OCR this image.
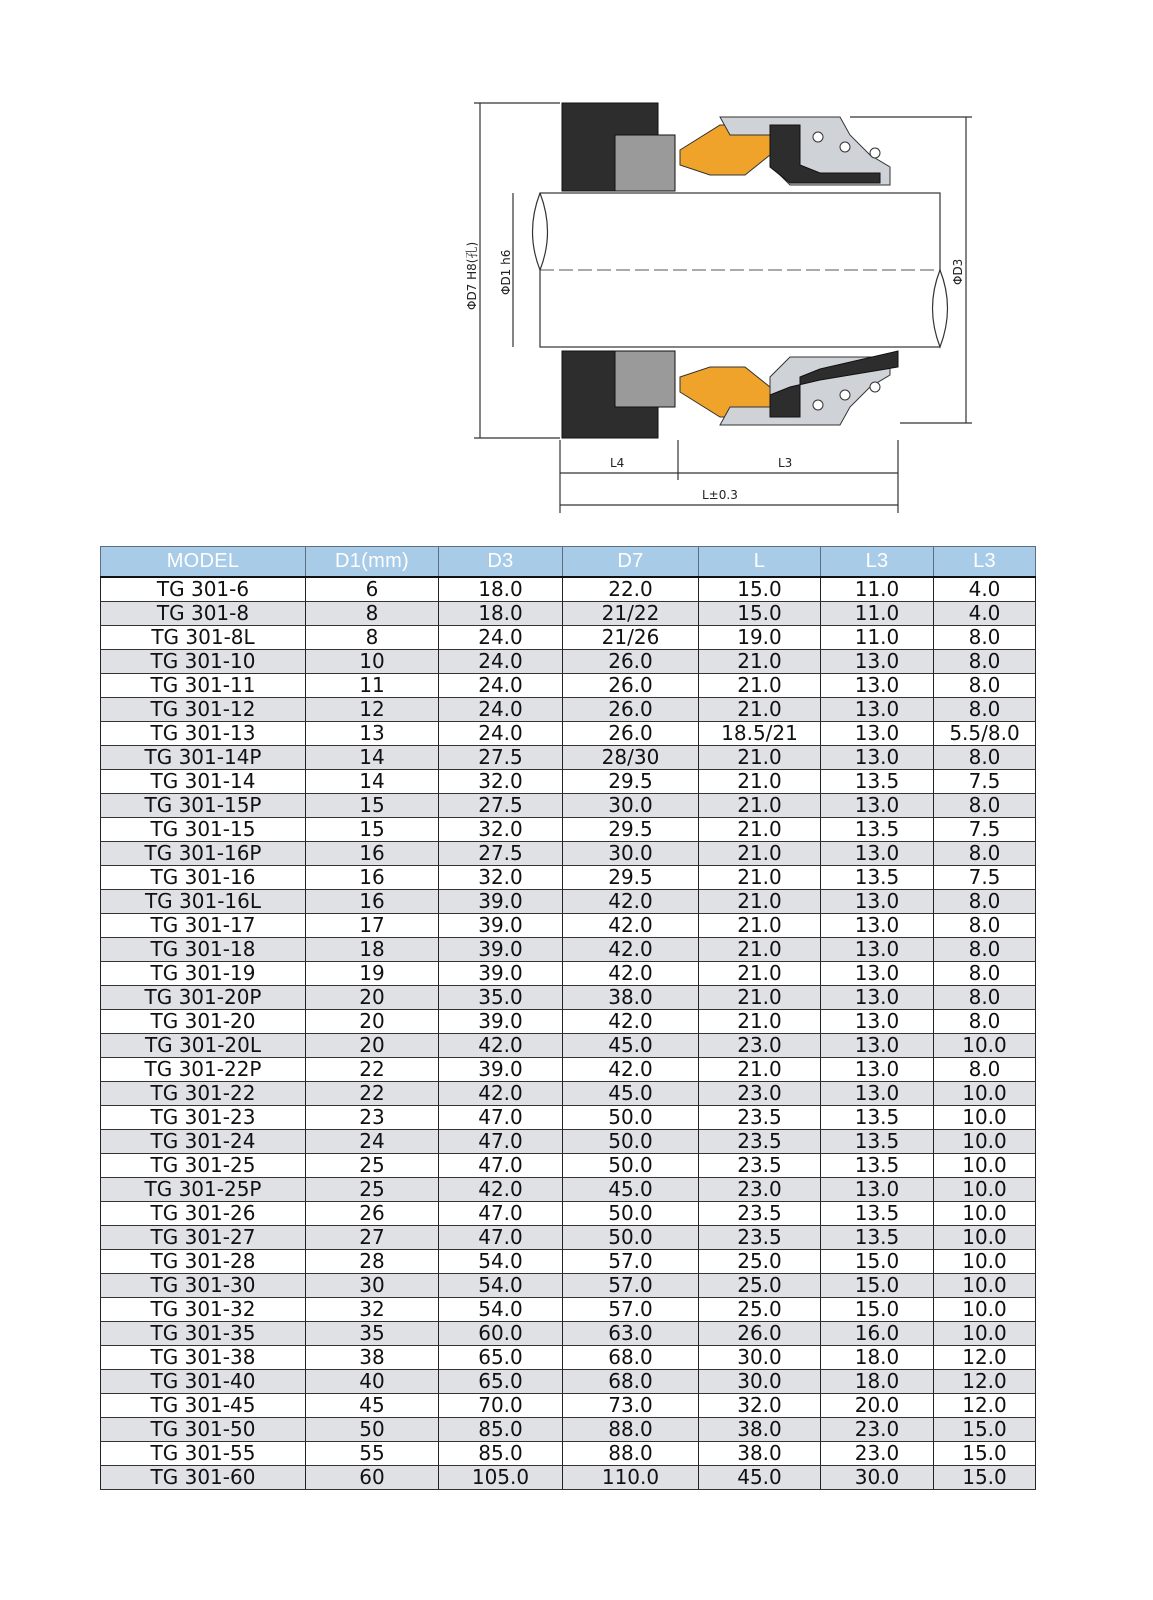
ΦD7 H8(孔) ΦD1 h6	ΦD3
L4	L3
L±0.3
MODEL	D1(mm)	D3	D7	L	L3	L3
TG 301-6	6	18.0	22.0	15.0	11.0	4.0
TG 301-8	8	18.0	21/22	15.0	11.0	4.0
TG 301-8L	8	24.0	21/26	19.0	11.0	8.0
TG 301-10	10	24.0	26.0	21.0	13.0	8.0
TG 301-11	11	24.0	26.0	21.0	13.0	8.0
TG 301-12	12	24.0	26.0	21.0	13.0	8.0
TG 301-13	13	24.0	26.0	18.5/21	13.0	5.5/8.0
TG 301-14P	14	27.5	28/30	21.0	13.0	8.0
TG 301-14	14	32.0	29.5	21.0	13.5	7.5
TG 301-15P	15	27.5	30.0	21.0	13.0	8.0
TG 301-15	15	32.0	29.5	21.0	13.5	7.5
TG 301-16P	16	27.5	30.0	21.0	13.0	8.0
TG 301-16	16	32.0	29.5	21.0	13.5	7.5
TG 301-16L	16	39.0	42.0	21.0	13.0	8.0
TG 301-17	17	39.0	42.0	21.0	13.0	8.0
TG 301-18	18	39.0	42.0	21.0	13.0	8.0
TG 301-19	19	39.0	42.0	21.0	13.0	8.0
TG 301-20P	20	35.0	38.0	21.0	13.0	8.0
TG 301-20	20	39.0	42.0	21.0	13.0	8.0
TG 301-20L	20	42.0	45.0	23.0	13.0	10.0
TG 301-22P	22	39.0	42.0	21.0	13.0	8.0
TG 301-22	22	42.0	45.0	23.0	13.0	10.0
TG 301-23	23	47.0	50.0	23.5	13.5	10.0
TG 301-24	24	47.0	50.0	23.5	13.5	10.0
TG 301-25	25	47.0	50.0	23.5	13.5	10.0
TG 301-25P	25	42.0	45.0	23.0	13.0	10.0
TG 301-26	26	47.0	50.0	23.5	13.5	10.0
TG 301-27	27	47.0	50.0	23.5	13.5	10.0
TG 301-28	28	54.0	57.0	25.0	15.0	10.0
TG 301-30	30	54.0	57.0	25.0	15.0	10.0
TG 301-32	32	54.0	57.0	25.0	15.0	10.0
TG 301-35	35	60.0	63.0	26.0	16.0	10.0
TG 301-38	38	65.0	68.0	30.0	18.0	12.0
TG 301-40	40	65.0	68.0	30.0	18.0	12.0
TG 301-45	45	70.0	73.0	32.0	20.0	12.0
TG 301-50	50	85.0	88.0	38.0	23.0	15.0
TG 301-55	55	85.0	88.0	38.0	23.0	15.0
TG 301-60	60	105.0	110.0	45.0	30.0	15.0
